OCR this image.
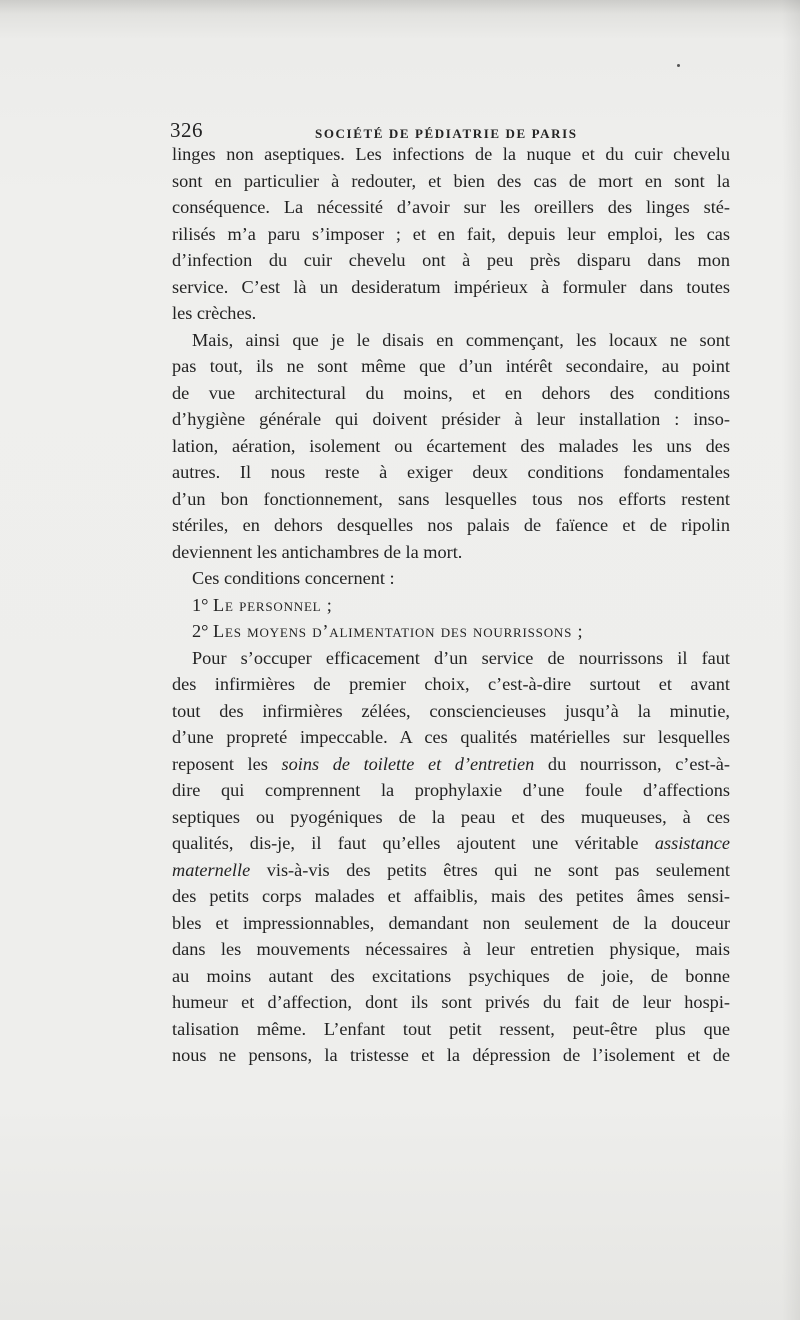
326	SOCIÉTÉ DE PÉDIATRIE DE PARIS
linges non aseptiques. Les infections de la nuque et du cuir chevelu
sont en particulier à redouter, et bien des cas de mort en sont la
conséquence. La nécessité d’avoir sur les oreillers des linges sté-
rilisés m’a paru s’imposer ; et en fait, depuis leur emploi, les cas
d’infection du cuir chevelu ont à peu près disparu dans mon
service. C’est là un desideratum impérieux à formuler dans toutes
les crèches.
Mais, ainsi que je le disais en commençant, les locaux ne sont
pas tout, ils ne sont même que d’un intérêt secondaire, au point
de vue architectural du moins, et en dehors des conditions
d’hygiène générale qui doivent présider à leur installation : inso-
lation, aération, isolement ou écartement des malades les uns des
autres. Il nous reste à exiger deux conditions fondamentales
d’un bon fonctionnement, sans lesquelles tous nos efforts restent
stériles, en dehors desquelles nos palais de faïence et de ripolin
deviennent les antichambres de la mort.
Ces conditions concernent :
1° Le personnel ;
2° Les moyens d’alimentation des nourrissons ;
Pour s’occuper efficacement d’un service de nourrissons il faut
des infirmières de premier choix, c’est-à-dire surtout et avant
tout des infirmières zélées, consciencieuses jusqu’à la minutie,
d’une propreté impeccable. A ces qualités matérielles sur lesquelles
reposent les soins de toilette et d’entretien du nourrisson, c’est-à-
dire qui comprennent la prophylaxie d’une foule d’affections
septiques ou pyogéniques de la peau et des muqueuses, à ces
qualités, dis-je, il faut qu’elles ajoutent une véritable assistance
maternelle vis-à-vis des petits êtres qui ne sont pas seulement
des petits corps malades et affaiblis, mais des petites âmes sensi-
bles et impressionnables, demandant non seulement de la douceur
dans les mouvements nécessaires à leur entretien physique, mais
au moins autant des excitations psychiques de joie, de bonne
humeur et d’affection, dont ils sont privés du fait de leur hospi-
talisation même. L’enfant tout petit ressent, peut-être plus que
nous ne pensons, la tristesse et la dépression de l’isolement et de
